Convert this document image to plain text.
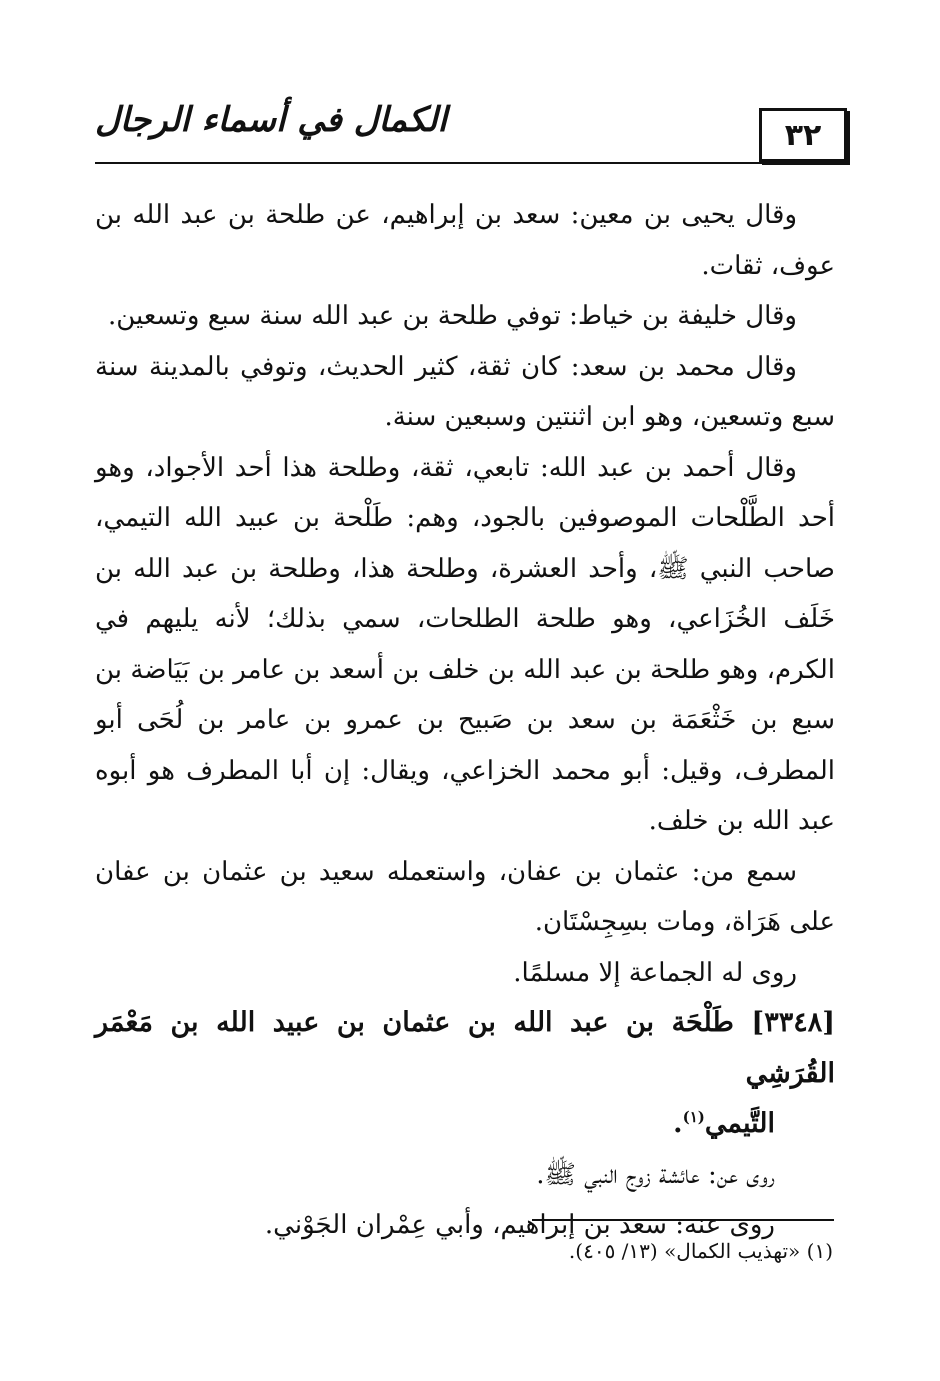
٣٢
الكمال في أسماء الرجال

وقال يحيى بن معين: سعد بن إبراهيم، عن طلحة بن عبد الله بن عوف، ثقات.

وقال خليفة بن خياط: توفي طلحة بن عبد الله سنة سبع وتسعين.

وقال محمد بن سعد: كان ثقة، كثير الحديث، وتوفي بالمدينة سنة سبع وتسعين، وهو ابن اثنتين وسبعين سنة.

وقال أحمد بن عبد الله: تابعي، ثقة، وطلحة هذا أحد الأجواد، وهو أحد الطَّلْحات الموصوفين بالجود، وهم: طَلْحة بن عبيد الله التيمي، صاحب النبي ﷺ، وأحد العشرة، وطلحة هذا، وطلحة بن عبد الله بن خَلَف الخُزَاعي، وهو طلحة الطلحات، سمي بذلك؛ لأنه يليهم في الكرم، وهو طلحة بن عبد الله بن خلف بن أسعد بن عامر بن بَيَاضة بن سبع بن خَثْعَمَة بن سعد بن صَبيح بن عمرو بن عامر بن لُحَى أبو المطرف، وقيل: أبو محمد الخزاعي، ويقال: إن أبا المطرف هو أبوه عبد الله بن خلف.

سمع من: عثمان بن عفان، واستعمله سعيد بن عثمان بن عفان على هَرَاة، ومات بسِجِسْتَان.

روى له الجماعة إلا مسلمًا.

[٣٣٤٨] طَلْحَة بن عبد الله بن عثمان بن عبيد الله بن مَعْمَر القُرَشِي

التَّيمي$^{(١)}$.

روى عن: عائشة زوج النبي ﷺ.

روى عنه: سعد بن إبراهيم، وأبي عِمْران الجَوْني.

(١) «تهذيب الكمال» (١٣/ ٤٠٥).
